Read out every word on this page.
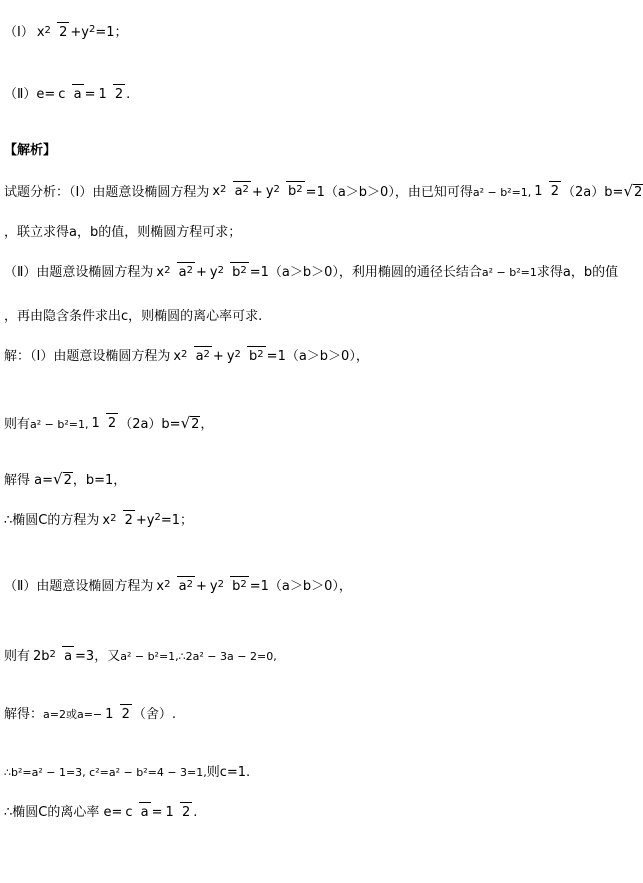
（Ⅰ） $x^2$ $2 + y^2 =1$；
（Ⅱ）e= c a = 1 2 .
【解析】
试题分析：（Ⅰ）由题意设椭圆方程为 $x^2$ $a^2 + y^2$ $b^2 =1(a>b>0)$，由已知可得 a² − b²=1, 1 2 （2a）b= √2
，联立求得a，b的值，则椭圆方程可求；
（Ⅱ）由题意设椭圆方程为 $x^2$ $a^2 + y^2$ $b^2 =1(a>b>0)$，利用椭圆的通径长结合 a² − b²=1 求得a，b的值
，再由隐含条件求出c，则椭圆的离心率可求.
解：（Ⅰ）由题意设椭圆方程为 $x^2$ $a^2 + y^2$ $b^2 =1(a>b>0)$，
则有 a² − b²=1, 1 2 （2a）b= √2 ，
解得 a= √2 ，b=1，
∴椭圆C的方程为 $x^2$ $2 + y^2 =1$；
（Ⅱ）由题意设椭圆方程为 $x^2$ $a^2 + y^2$ $b^2 =1(a>b>0)$，
则有 $2b^2$ a =3，又 a² − b²=1,∴2a² − 3a − 2=0,
解得： a=2或a=− 1 2 （舍）.
∴b²=a² − 1=3, c²=a² − b²=4 − 3=1, 则c=1.
∴椭圆C的离心率 e= c a = 1 2 .
